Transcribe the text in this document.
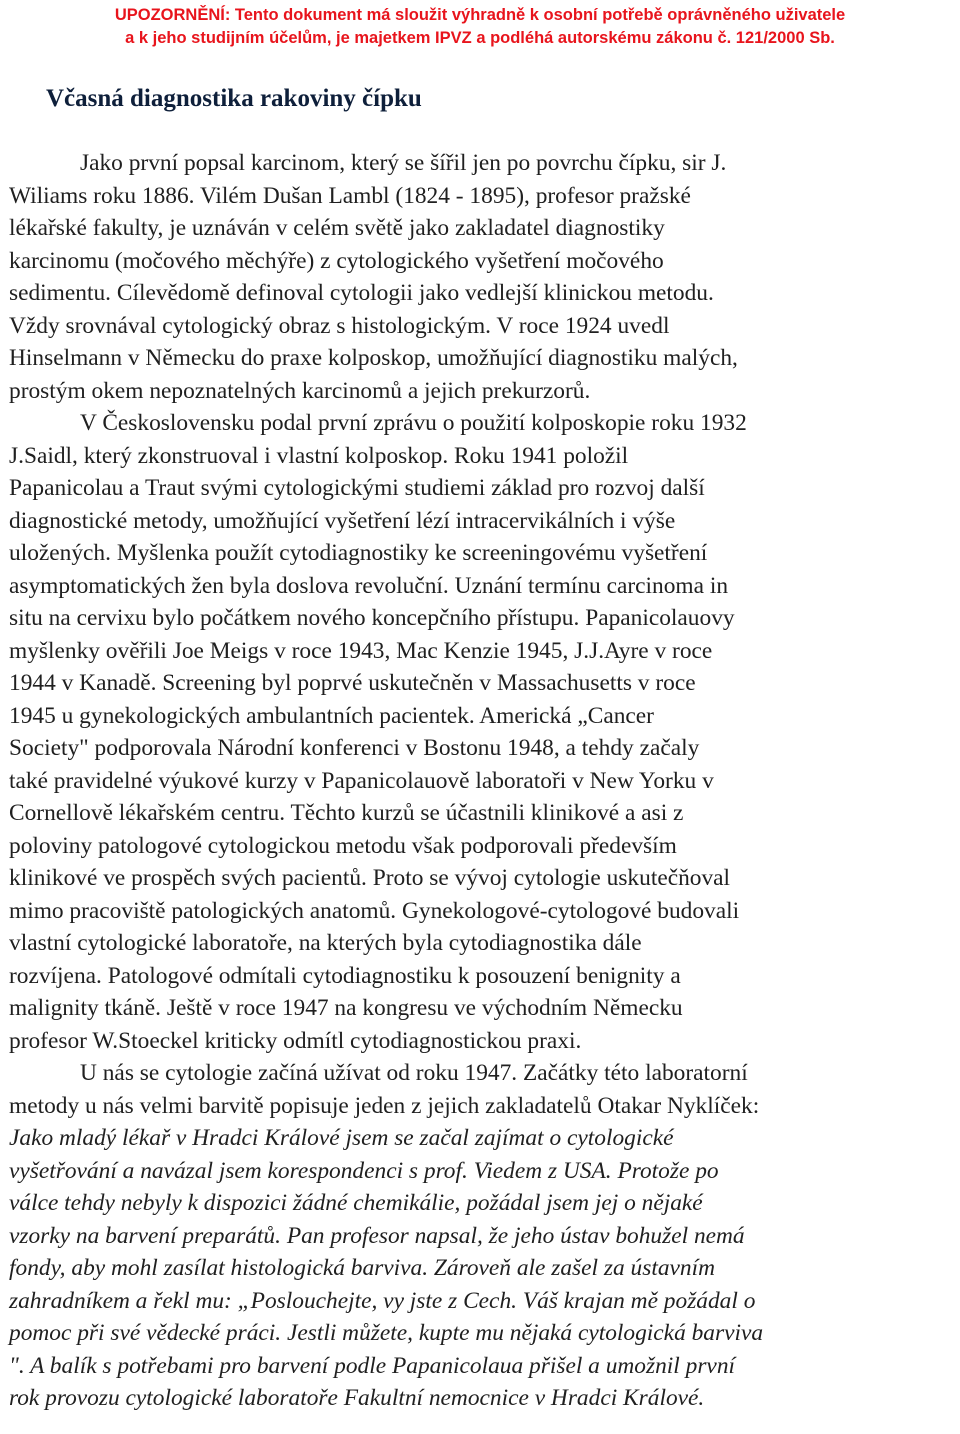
UPOZORNĚNÍ: Tento dokument má sloužit výhradně k osobní potřebě oprávněného uživatele
a k jeho studijním účelům, je majetkem IPVZ a podléhá autorskému zákonu č. 121/2000 Sb.
Včasná diagnostika rakoviny čípku
Jako první popsal karcinom, který se šířil jen po povrchu čípku, sir J.
Wiliams roku 1886. Vilém Dušan Lambl (1824 - 1895), profesor pražské
lékařské fakulty, je uznáván v celém světě jako zakladatel diagnostiky
karcinomu (močového měchýře) z cytologického vyšetření močového
sedimentu. Cílevědomě definoval cytologii jako vedlejší klinickou metodu.
Vždy srovnával cytologický obraz s histologickým. V roce 1924 uvedl
Hinselmann v Německu do praxe kolposkop, umožňující diagnostiku malých,
prostým okem nepoznatelných karcinomů a jejich prekurzorů.
V Československu podal první zprávu o použití kolposkopie roku 1932
J.Saidl, který zkonstruoval i vlastní kolposkop. Roku 1941 položil
Papanicolau a Traut svými cytologickými studiemi základ pro rozvoj další
diagnostické metody, umožňující vyšetření lézí intracervikálních i výše
uložených. Myšlenka použít cytodiagnostiky ke screeningovému vyšetření
asymptomatických žen byla doslova revoluční. Uznání termínu carcinoma in
situ na cervixu bylo počátkem nového koncepčního přístupu. Papanicolauovy
myšlenky ověřili Joe Meigs v roce 1943, Mac Kenzie 1945, J.J.Ayre v roce
1944 v Kanadě. Screening byl poprvé uskutečněn v Massachusetts v roce
1945 u gynekologických ambulantních pacientek. Americká „Cancer
Society" podporovala Národní konferenci v Bostonu 1948, a tehdy začaly
také pravidelné výukové kurzy v Papanicolauově laboratoři v New Yorku v
Cornellově lékařském centru. Těchto kurzů se účastnili klinikové a asi z
poloviny patologové cytologickou metodu však podporovali především
klinikové ve prospěch svých pacientů. Proto se vývoj cytologie uskutečňoval
mimo pracoviště patologických anatomů. Gynekologové-cytologové budovali
vlastní cytologické laboratoře, na kterých byla cytodiagnostika dále
rozvíjena. Patologové odmítali cytodiagnostiku k posouzení benignity a
malignity tkáně. Ještě v roce 1947 na kongresu ve východním Německu
profesor W.Stoeckel kriticky odmítl cytodiagnostickou praxi.
U nás se cytologie začíná užívat od roku 1947. Začátky této laboratorní
metody u nás velmi barvitě popisuje jeden z jejich zakladatelů Otakar Nyklíček:
Jako mladý lékař v Hradci Králové jsem se začal zajímat o cytologické
vyšetřování a navázal jsem korespondenci s prof. Viedem z USA. Protože po
válce tehdy nebyly k dispozici žádné chemikálie, požádal jsem jej o nějaké
vzorky na barvení preparátů. Pan profesor napsal, že jeho ústav bohužel nemá
fondy, aby mohl zasílat histologická barviva. Zároveň ale zašel za ústavním
zahradníkem a řekl mu: „Poslouchejte, vy jste z Cech. Váš krajan mě požádal o
pomoc při své vědecké práci. Jestli můžete, kupte mu nějaká cytologická barviva
". A balík s potřebami pro barvení podle Papanicolaua přišel a umožnil první
rok provozu cytologické laboratoře Fakultní nemocnice v Hradci Králové.
